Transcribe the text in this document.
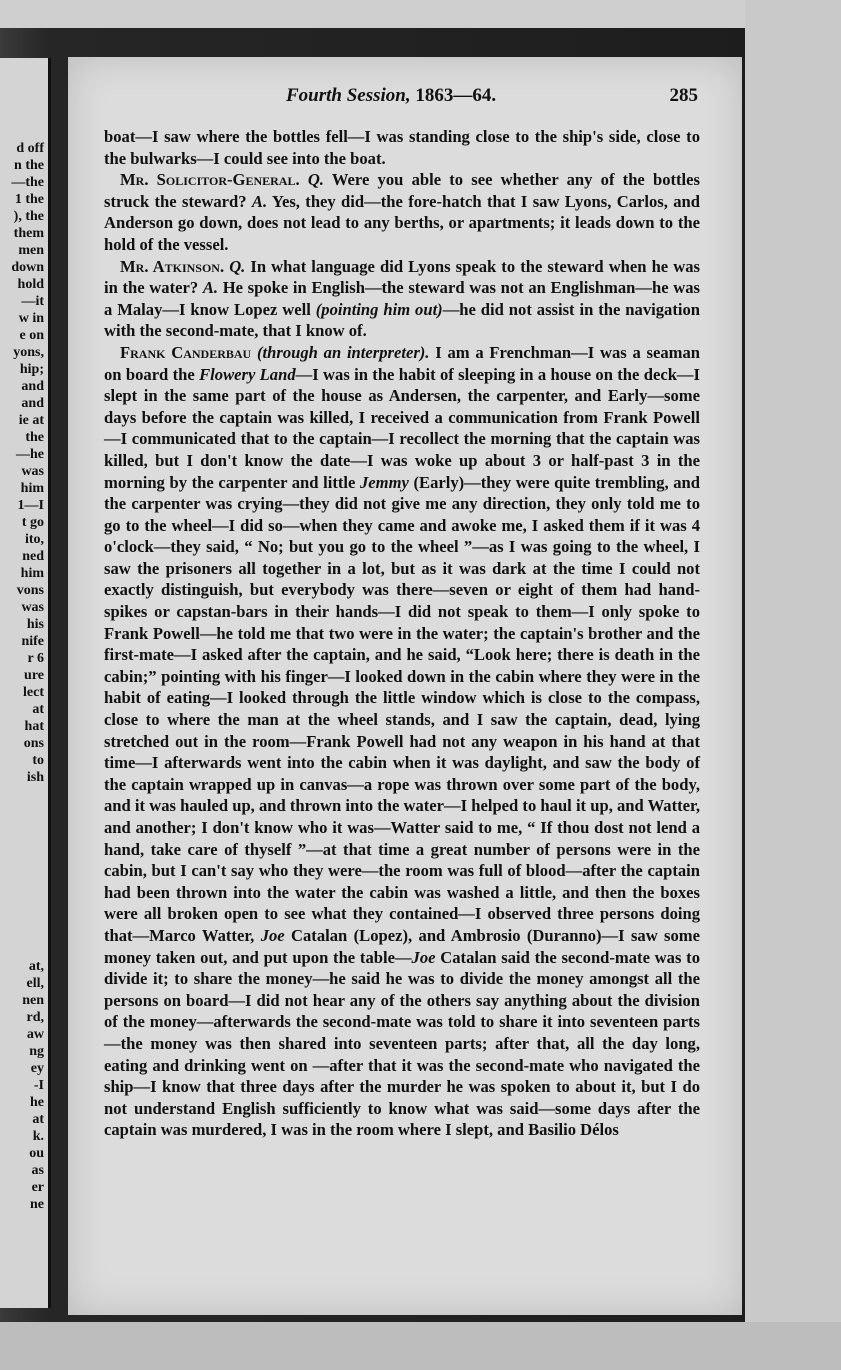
d off
n the
—the
1 the
), the
them
men
down
hold
—it
w in
e on
yons,
hip;
and
and
ie at
the
—he
was
him
1—I
t go
ito,
ned
him
vons
was
his
nife
r 6
ure
lect
at
hat
ons
to
ish
at,
ell,
nen
rd,
aw
ng
ey
-I
he
at
k.
ou
as
er
ne
Fourth Session, 1863—64.	285

boat—I saw where the bottles fell—I was standing close to the ship's side, close to the bulwarks—I could see into the boat.

Mr. Solicitor-General. Q. Were you able to see whether any of the bottles struck the steward? A. Yes, they did—the fore-hatch that I saw Lyons, Carlos, and Anderson go down, does not lead to any berths, or apartments; it leads down to the hold of the vessel.

Mr. Atkinson. Q. In what language did Lyons speak to the steward when he was in the water? A. He spoke in English—the steward was not an Englishman—he was a Malay—I know Lopez well (pointing him out)—he did not assist in the navigation with the second-mate, that I know of.

Frank Canderbau (through an interpreter). I am a Frenchman—I was a seaman on board the Flowery Land—I was in the habit of sleeping in a house on the deck—I slept in the same part of the house as Andersen, the carpenter, and Early—some days before the captain was killed, I received a communication from Frank Powell—I communicated that to the captain—I recollect the morning that the captain was killed, but I don't know the date—I was woke up about 3 or half-past 3 in the morning by the carpenter and little Jemmy (Early)—they were quite trembling, and the carpenter was crying—they did not give me any direction, they only told me to go to the wheel—I did so—when they came and awoke me, I asked them if it was 4 o'clock—they said, “ No; but you go to the wheel ”—as I was going to the wheel, I saw the prisoners all together in a lot, but as it was dark at the time I could not exactly distinguish, but everybody was there—seven or eight of them had hand-spikes or capstan-bars in their hands—I did not speak to them—I only spoke to Frank Powell—he told me that two were in the water; the captain's brother and the first-mate—I asked after the captain, and he said, “Look here; there is death in the cabin;” pointing with his finger—I looked down in the cabin where they were in the habit of eating—I looked through the little window which is close to the compass, close to where the man at the wheel stands, and I saw the captain, dead, lying stretched out in the room—Frank Powell had not any weapon in his hand at that time—I afterwards went into the cabin when it was daylight, and saw the body of the captain wrapped up in canvas—a rope was thrown over some part of the body, and it was hauled up, and thrown into the water—I helped to haul it up, and Watter, and another; I don't know who it was—Watter said to me, “ If thou dost not lend a hand, take care of thyself ”—at that time a great number of persons were in the cabin, but I can't say who they were—the room was full of blood—after the captain had been thrown into the water the cabin was washed a little, and then the boxes were all broken open to see what they contained—I observed three persons doing that—Marco Watter, Joe Catalan (Lopez), and Ambrosio (Duranno)—I saw some money taken out, and put upon the table—Joe Catalan said the second-mate was to divide it; to share the money—he said he was to divide the money amongst all the persons on board—I did not hear any of the others say anything about the division of the money—afterwards the second-mate was told to share it into seventeen parts—the money was then shared into seventeen parts; after that, all the day long, eating and drinking went on —after that it was the second-mate who navigated the ship—I know that three days after the murder he was spoken to about it, but I do not understand English sufficiently to know what was said—some days after the captain was murdered, I was in the room where I slept, and Basilio Délos
